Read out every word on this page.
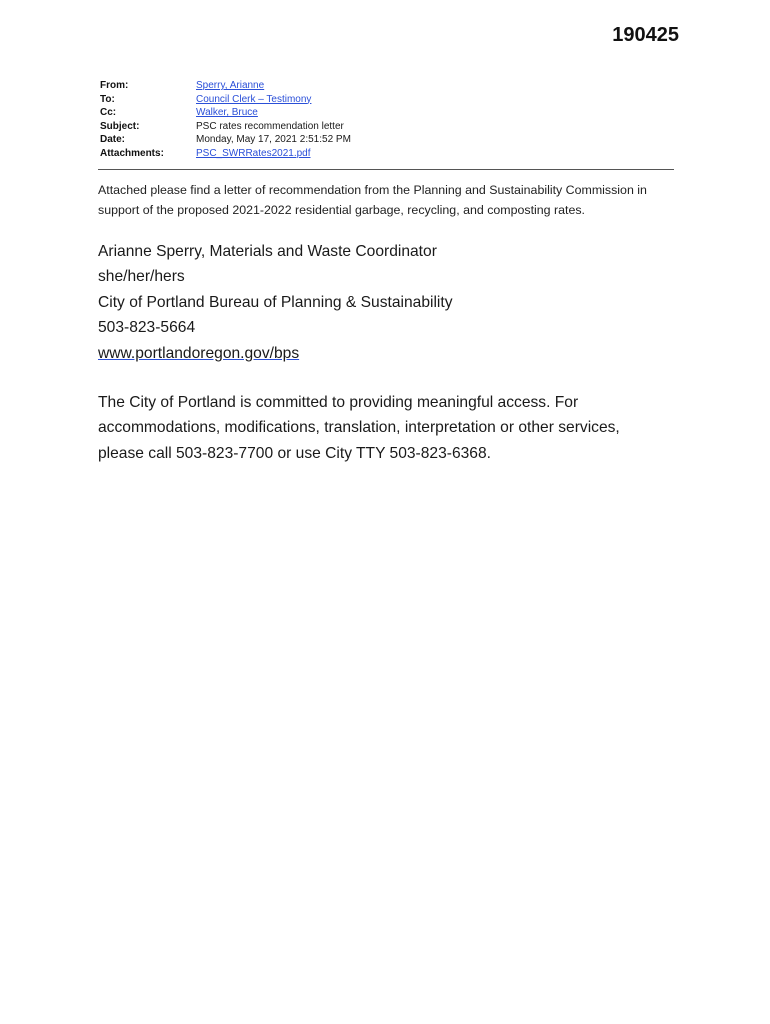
190425
From:	Sperry, Arianne
To:	Council Clerk – Testimony
Cc:	Walker, Bruce
Subject:	PSC rates recommendation letter
Date:	Monday, May 17, 2021 2:51:52 PM
Attachments:	PSC_SWRRates2021.pdf
Attached please find a letter of recommendation from the Planning and Sustainability Commission in
support of the proposed 2021-2022 residential garbage, recycling, and composting rates.
Arianne Sperry, Materials and Waste Coordinator
she/her/hers
City of Portland Bureau of Planning & Sustainability
503-823-5664
www.portlandoregon.gov/bps
The City of Portland is committed to providing meaningful access. For
accommodations, modifications, translation, interpretation or other services,
please call 503-823-7700 or use City TTY 503-823-6368.
